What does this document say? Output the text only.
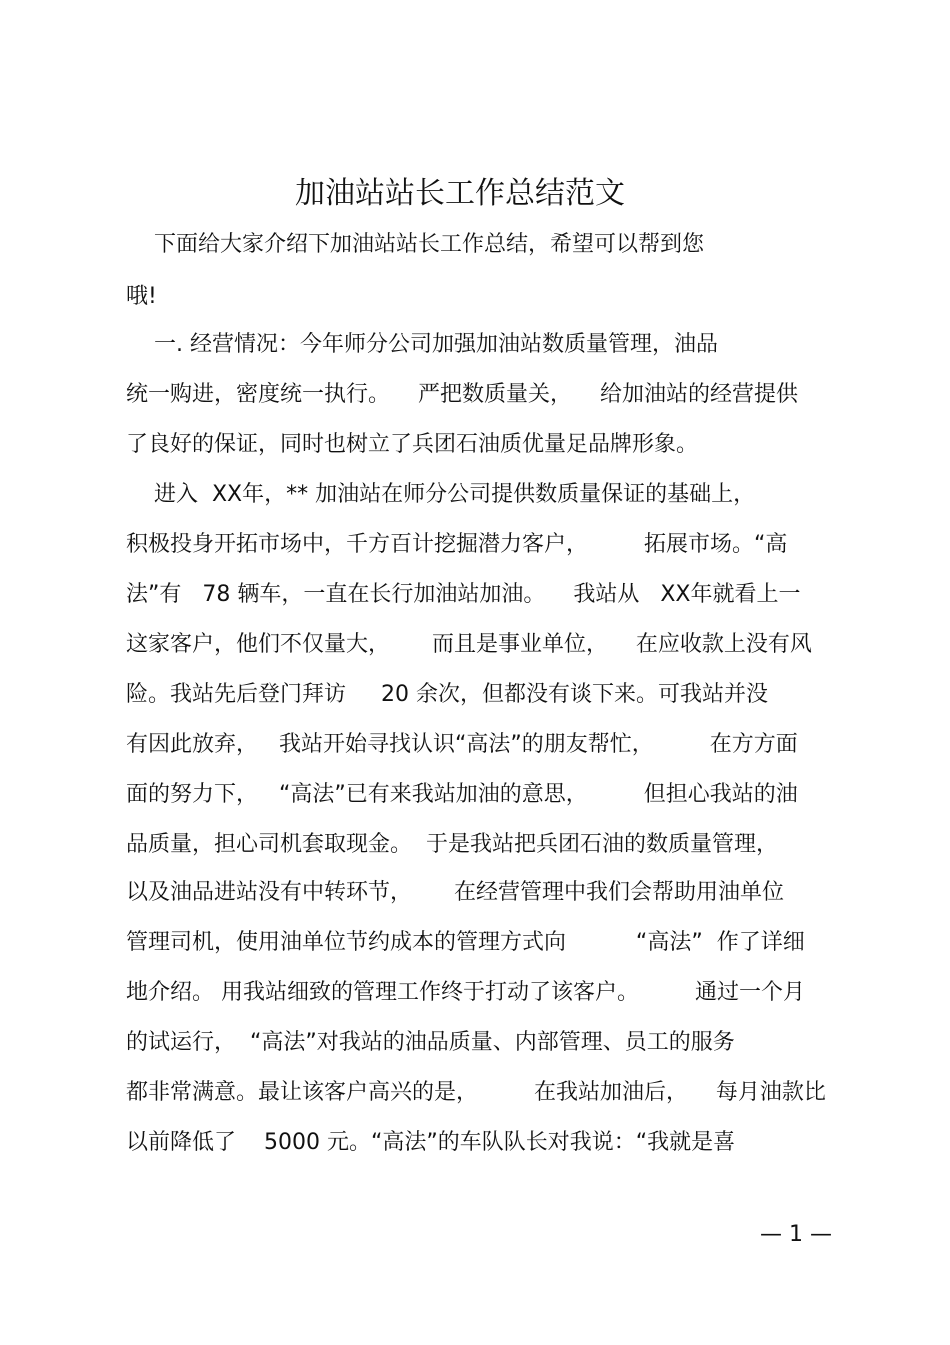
加油站站长工作总结范文
下面给大家介绍下加油站站长工作总结，希望可以帮到您
哦!
一. 经营情况：今年师分公司加强加油站数质量管理，油品
统一购进，密度统一执行。    严把数质量关，    给加油站的经营提供
了良好的保证，同时也树立了兵团石油质优量足品牌形象。
进入  XX年，** 加油站在师分公司提供数质量保证的基础上，
积极投身开拓市场中，千方百计挖掘潜力客户，        拓展市场。“高
法”有   78 辆车，一直在长行加油站加油。    我站从   XX年就看上一
这家客户，他们不仅量大，      而且是事业单位，    在应收款上没有风
险。我站先后登门拜访     20 余次，但都没有谈下来。可我站并没
有因此放弃，   我站开始寻找认识“高法”的朋友帮忙，        在方方面
面的努力下，   “高法”已有来我站加油的意思，        但担心我站的油
品质量，担心司机套取现金。  于是我站把兵团石油的数质量管理，
以及油品进站没有中转环节，      在经营管理中我们会帮助用油单位
管理司机，使用油单位节约成本的管理方式向          “高法”  作了详细
地介绍。 用我站细致的管理工作终于打动了该客户。        通过一个月
的试运行，  “高法”对我站的油品质量、内部管理、员工的服务
都非常满意。最让该客户高兴的是，        在我站加油后，    每月油款比
以前降低了    5000 元。“高法”的车队队长对我说：“我就是喜
— 1 —
